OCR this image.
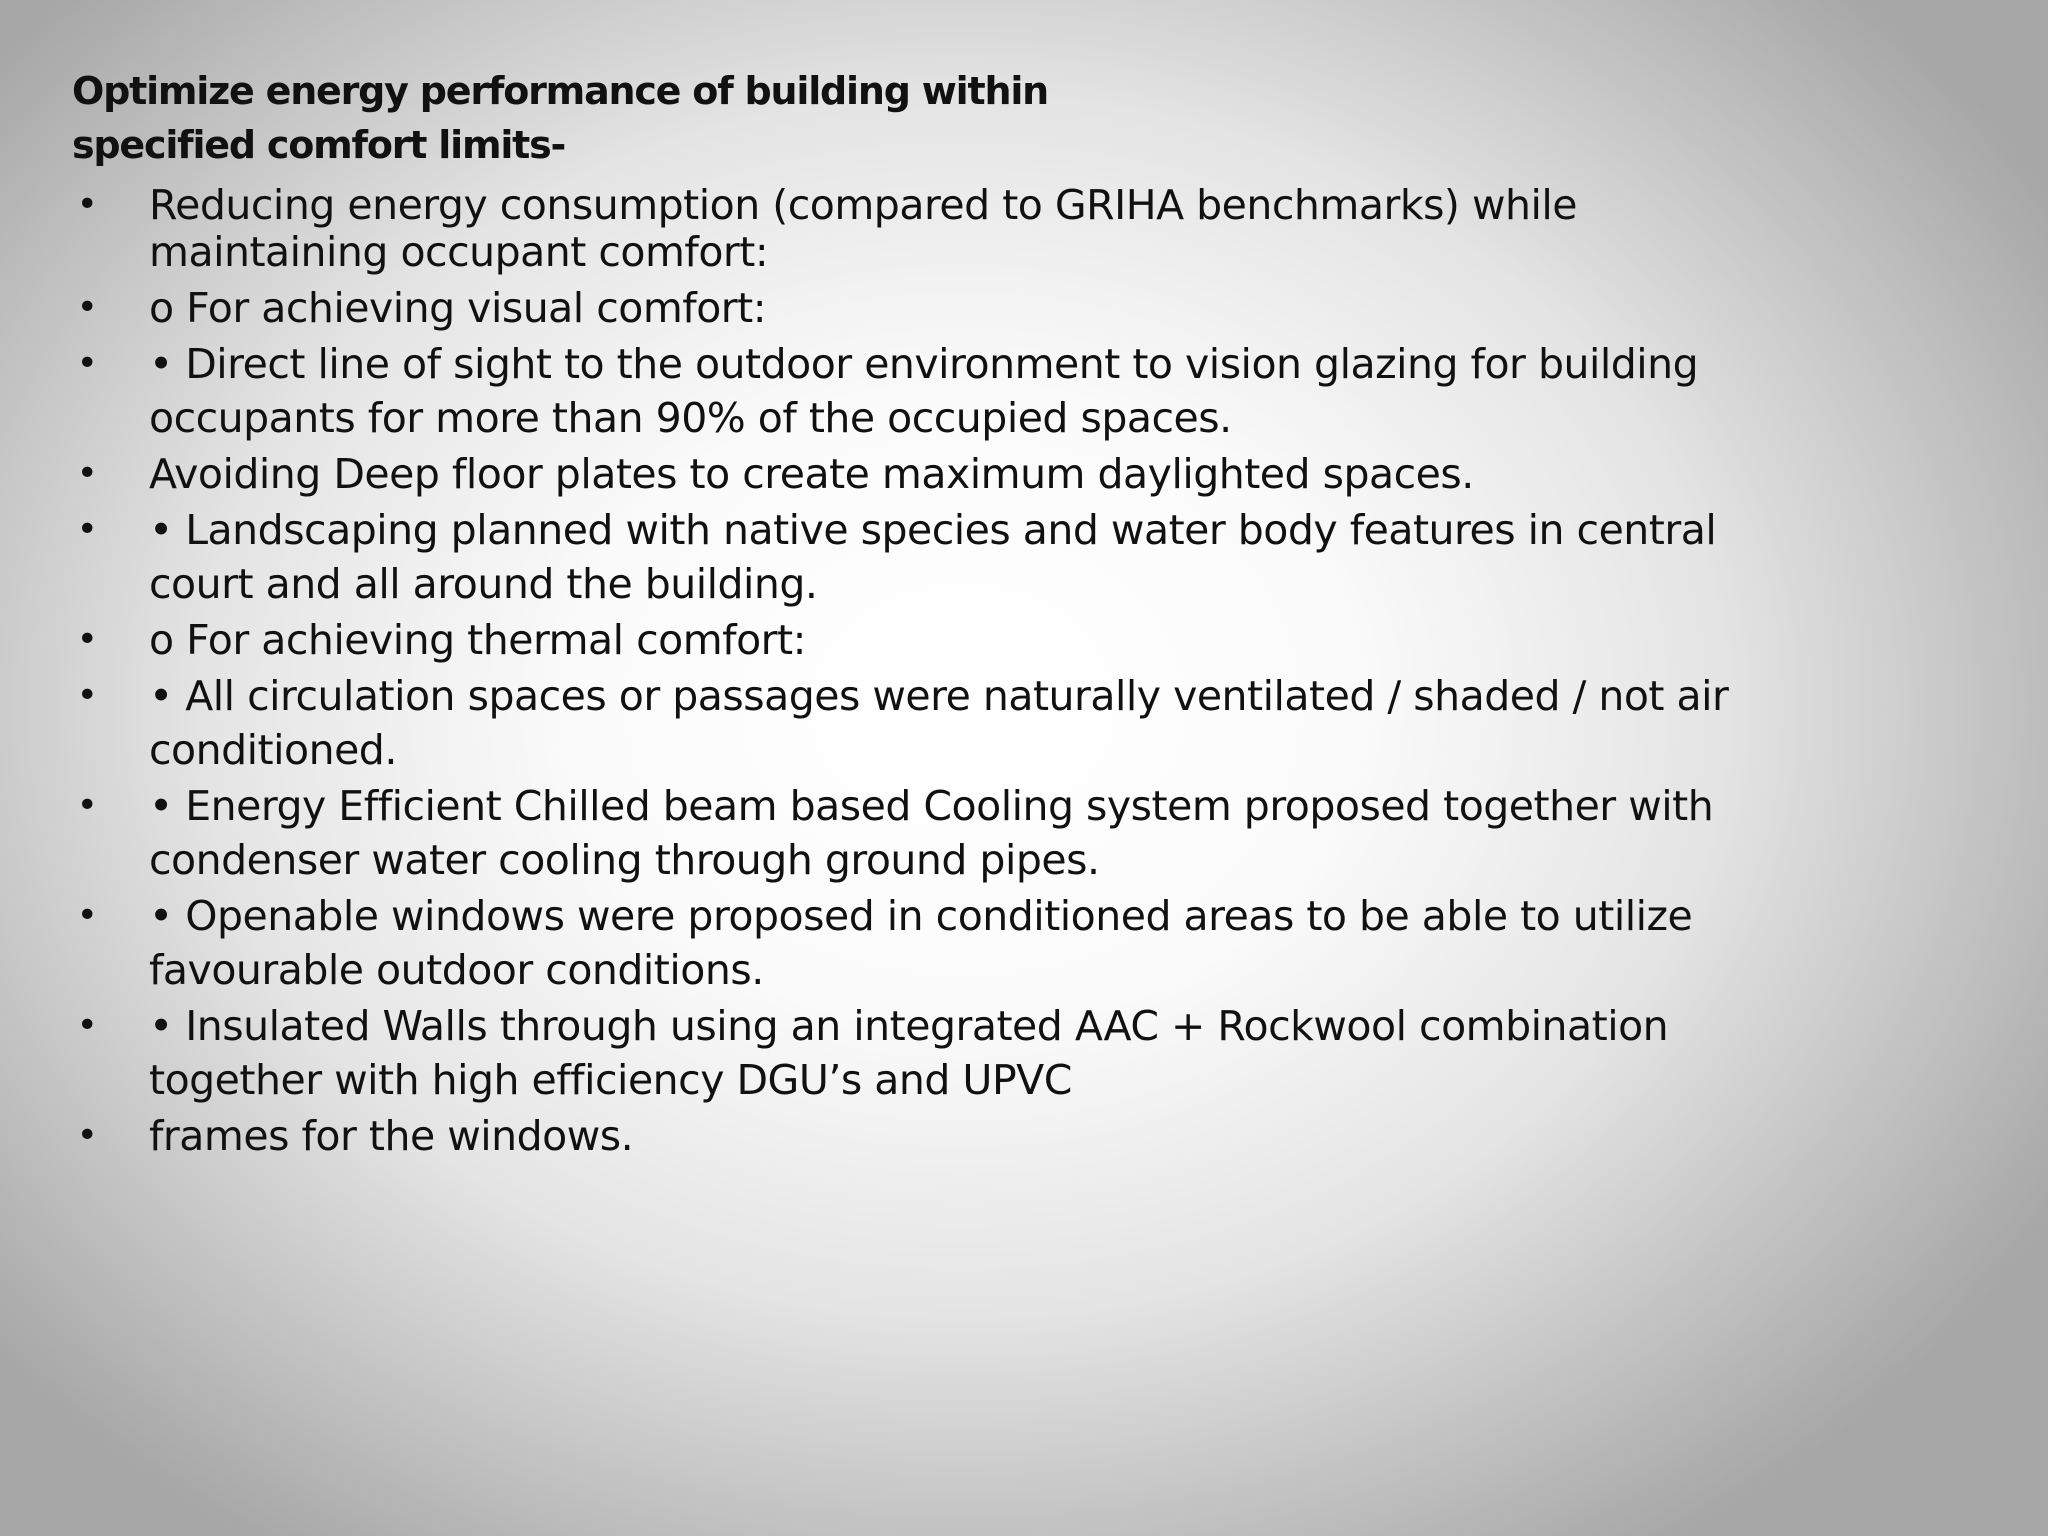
Optimize energy performance of building within
specified comfort limits-
• Reducing energy consumption (compared to GRIHA benchmarks) while
maintaining occupant comfort:
• o For achieving visual comfort:
• • Direct line of sight to the outdoor environment to vision glazing for building
occupants for more than 90% of the occupied spaces.
• Avoiding Deep floor plates to create maximum daylighted spaces.
• • Landscaping planned with native species and water body features in central
court and all around the building.
• o For achieving thermal comfort:
• • All circulation spaces or passages were naturally ventilated / shaded / not air
conditioned.
• • Energy Efficient Chilled beam based Cooling system proposed together with
condenser water cooling through ground pipes.
• • Openable windows were proposed in conditioned areas to be able to utilize
favourable outdoor conditions.
• • Insulated Walls through using an integrated AAC + Rockwool combination
together with high efficiency DGU’s and UPVC
• frames for the windows.
